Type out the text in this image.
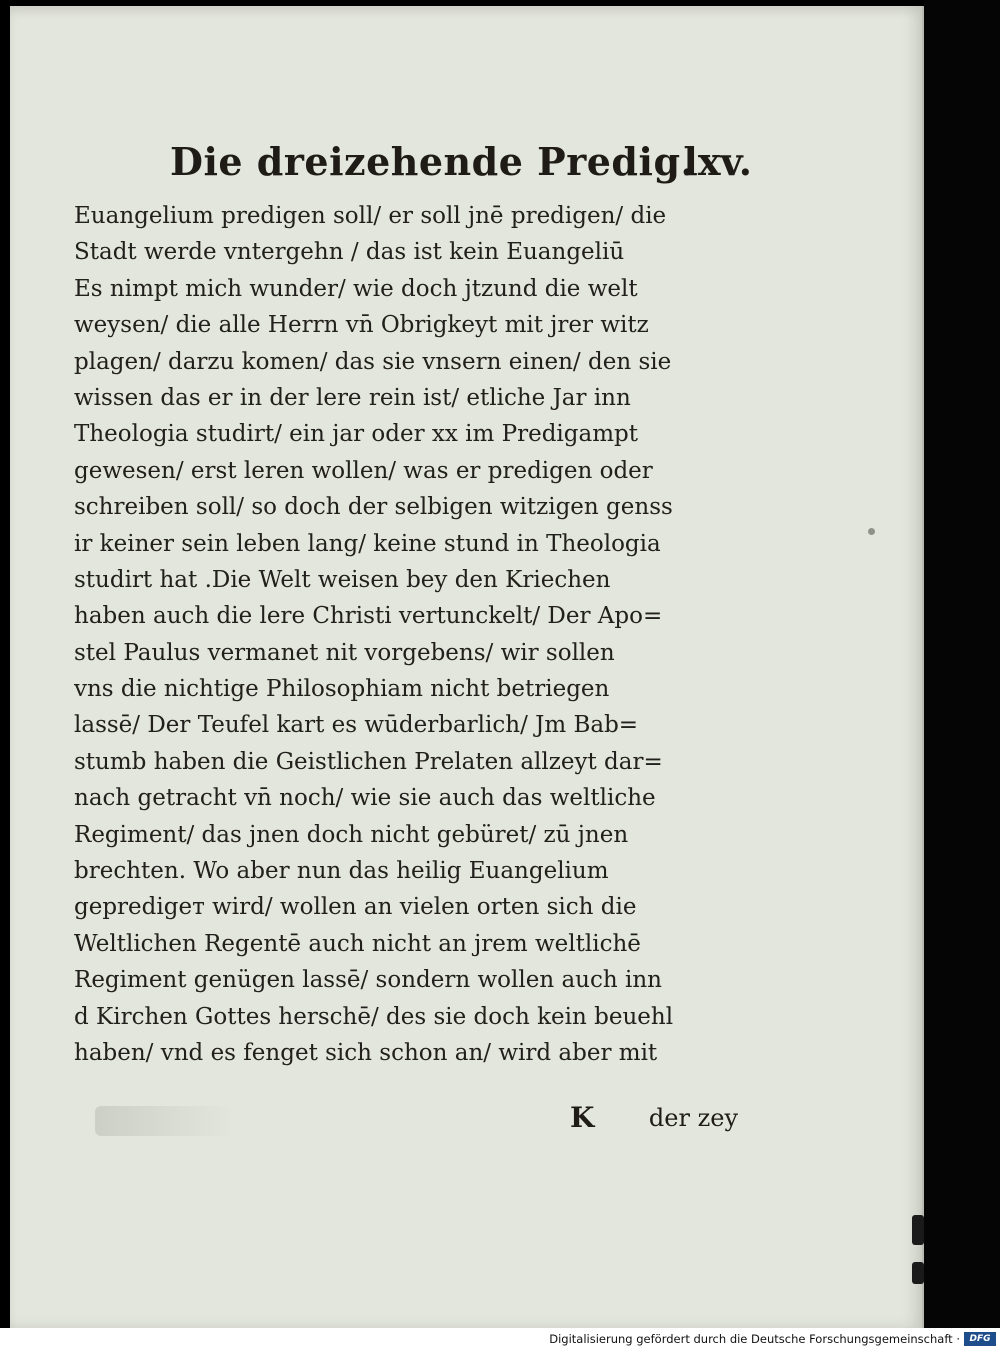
Die dreizehende Predig.
lxv.
Euangelium predigen soll/ er soll jnē predigen/ die
Stadt werde vntergehn / das ist kein Euangeliū
Es nimpt mich wunder/ wie doch jtzund die welt
weysen/ die alle Herrn vn̄ Obrigkeyt mit jrer witz
plagen/ darzu komen/ das sie vnsern einen/ den sie
wissen das er in der lere rein ist/ etliche Jar inn
Theologia studirt/ ein jar oder xx im Predigampt
gewesen/ erst leren wollen/ was er predigen oder
schreiben soll/ so doch der selbigen witzigen genss
ir keiner sein leben lang/ keine stund in Theologia
studirt hat .Die Welt weisen bey den Kriechen
haben auch die lere Christi vertunckelt/ Der Apo=
stel Paulus vermanet nit vorgebens/ wir sollen
vns die nichtige Philosophiam nicht betriegen
lassē/ Der Teufel kart es wūderbarlich/ Jm Bab=
stumb haben die Geistlichen Prelaten allzeyt dar=
nach getracht vn̄ noch/ wie sie auch das weltliche
Regiment/ das jnen doch nicht gebüret/ zū jnen
brechten. Wo aber nun das heilig Euangelium
gepredigет wird/ wollen an vielen orten sich die
Weltlichen Regentē auch nicht an jrem weltlichē
Regiment genügen lassē/ sondern wollen auch inn
d Kirchen Gottes herschē/ des sie doch kein beuehl
haben/ vnd es fenget sich schon an/ wird aber mit
K der zey
Digitalisierung gefördert durch die Deutsche Forschungsgemeinschaft ·	DFG
